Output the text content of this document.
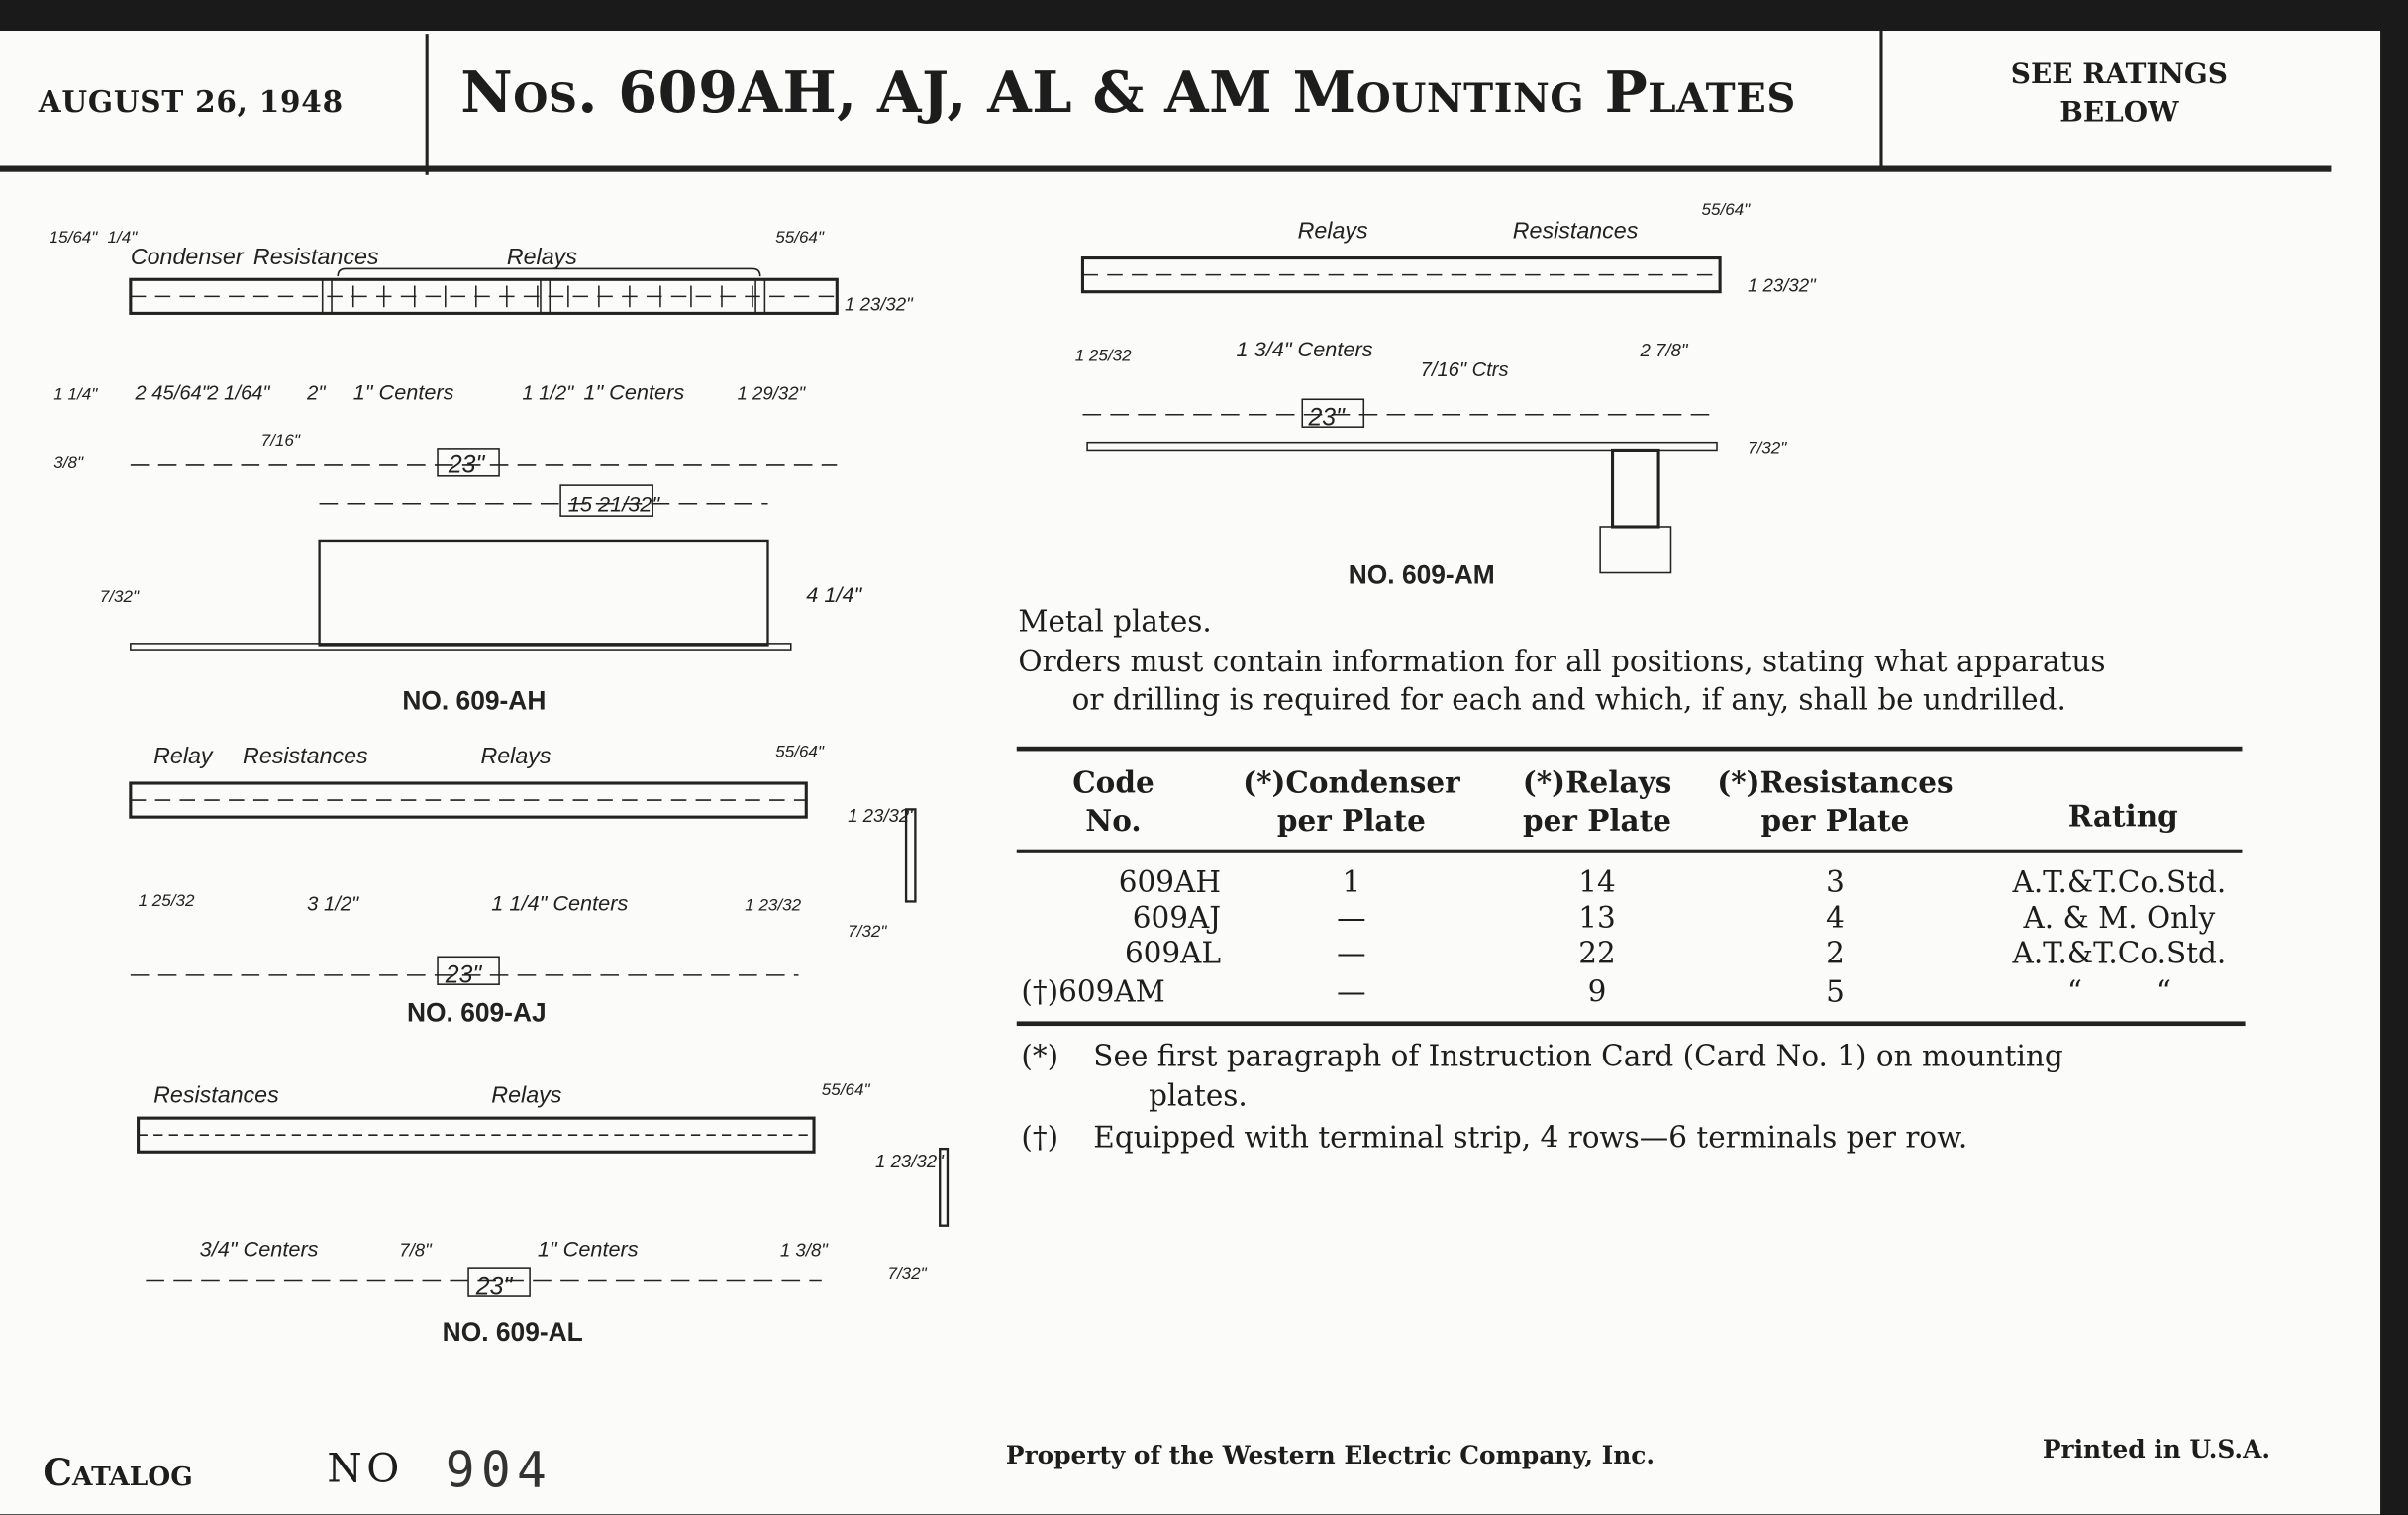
AUGUST 26, 1948	Nos. 609AH, AJ, AL & AM Mounting Plates	SEE RATINGS
BELOW
Condenser Resistances	Relays
15/64" 1/4"	55/64"
1 23/32"
2 45/64"
2 1/64"	2" 1" Centers	1 1/2" 1" Centers	1 29/32"
7/16"
1 1/4"
3/8"	23"
15 21/32"
4 1/4"
7/32"
NO. 609-AH
Relay Resistances	Relays	55/64"
1 23/32"
1 25/32	3 1/2"	1 1/4" Centers	1 23/32
7/32"
23"
NO. 609-AJ
Resistances	Relays	55/64"
1 23/32"
3/4" Centers	7/8"	1" Centers	1 3/8"
7/32"
23"
NO. 609-AL
Relays	Resistances
55/64"
1 23/32"
1 25/32	1 3/4" Centers
7/16" Ctrs
2 7/8"
23"
7/32"
NO. 609-AM
Metal plates.
Orders must contain information for all positions, stating what apparatus
or drilling is required for each and which, if any, shall be undrilled.
Code
No.
(*)Condenser
per Plate
(*)Relays
per Plate
(*)Resistances
per Plate	Rating
609AH	1	14	3	A.T.&T.Co.Std.
609AJ	—	13	4	A. & M. Only
609AL	—	22	2	A.T.&T.Co.Std.
(†)609AM	—	9	5	“        “
(*) See first paragraph of Instruction Card (Card No. 1) on mounting
plates.
(†) Equipped with terminal strip, 4 rows—6 terminals per row.
Catalog	NO 904	Property of the Western Electric Company, Inc.	Printed in U.S.A.
